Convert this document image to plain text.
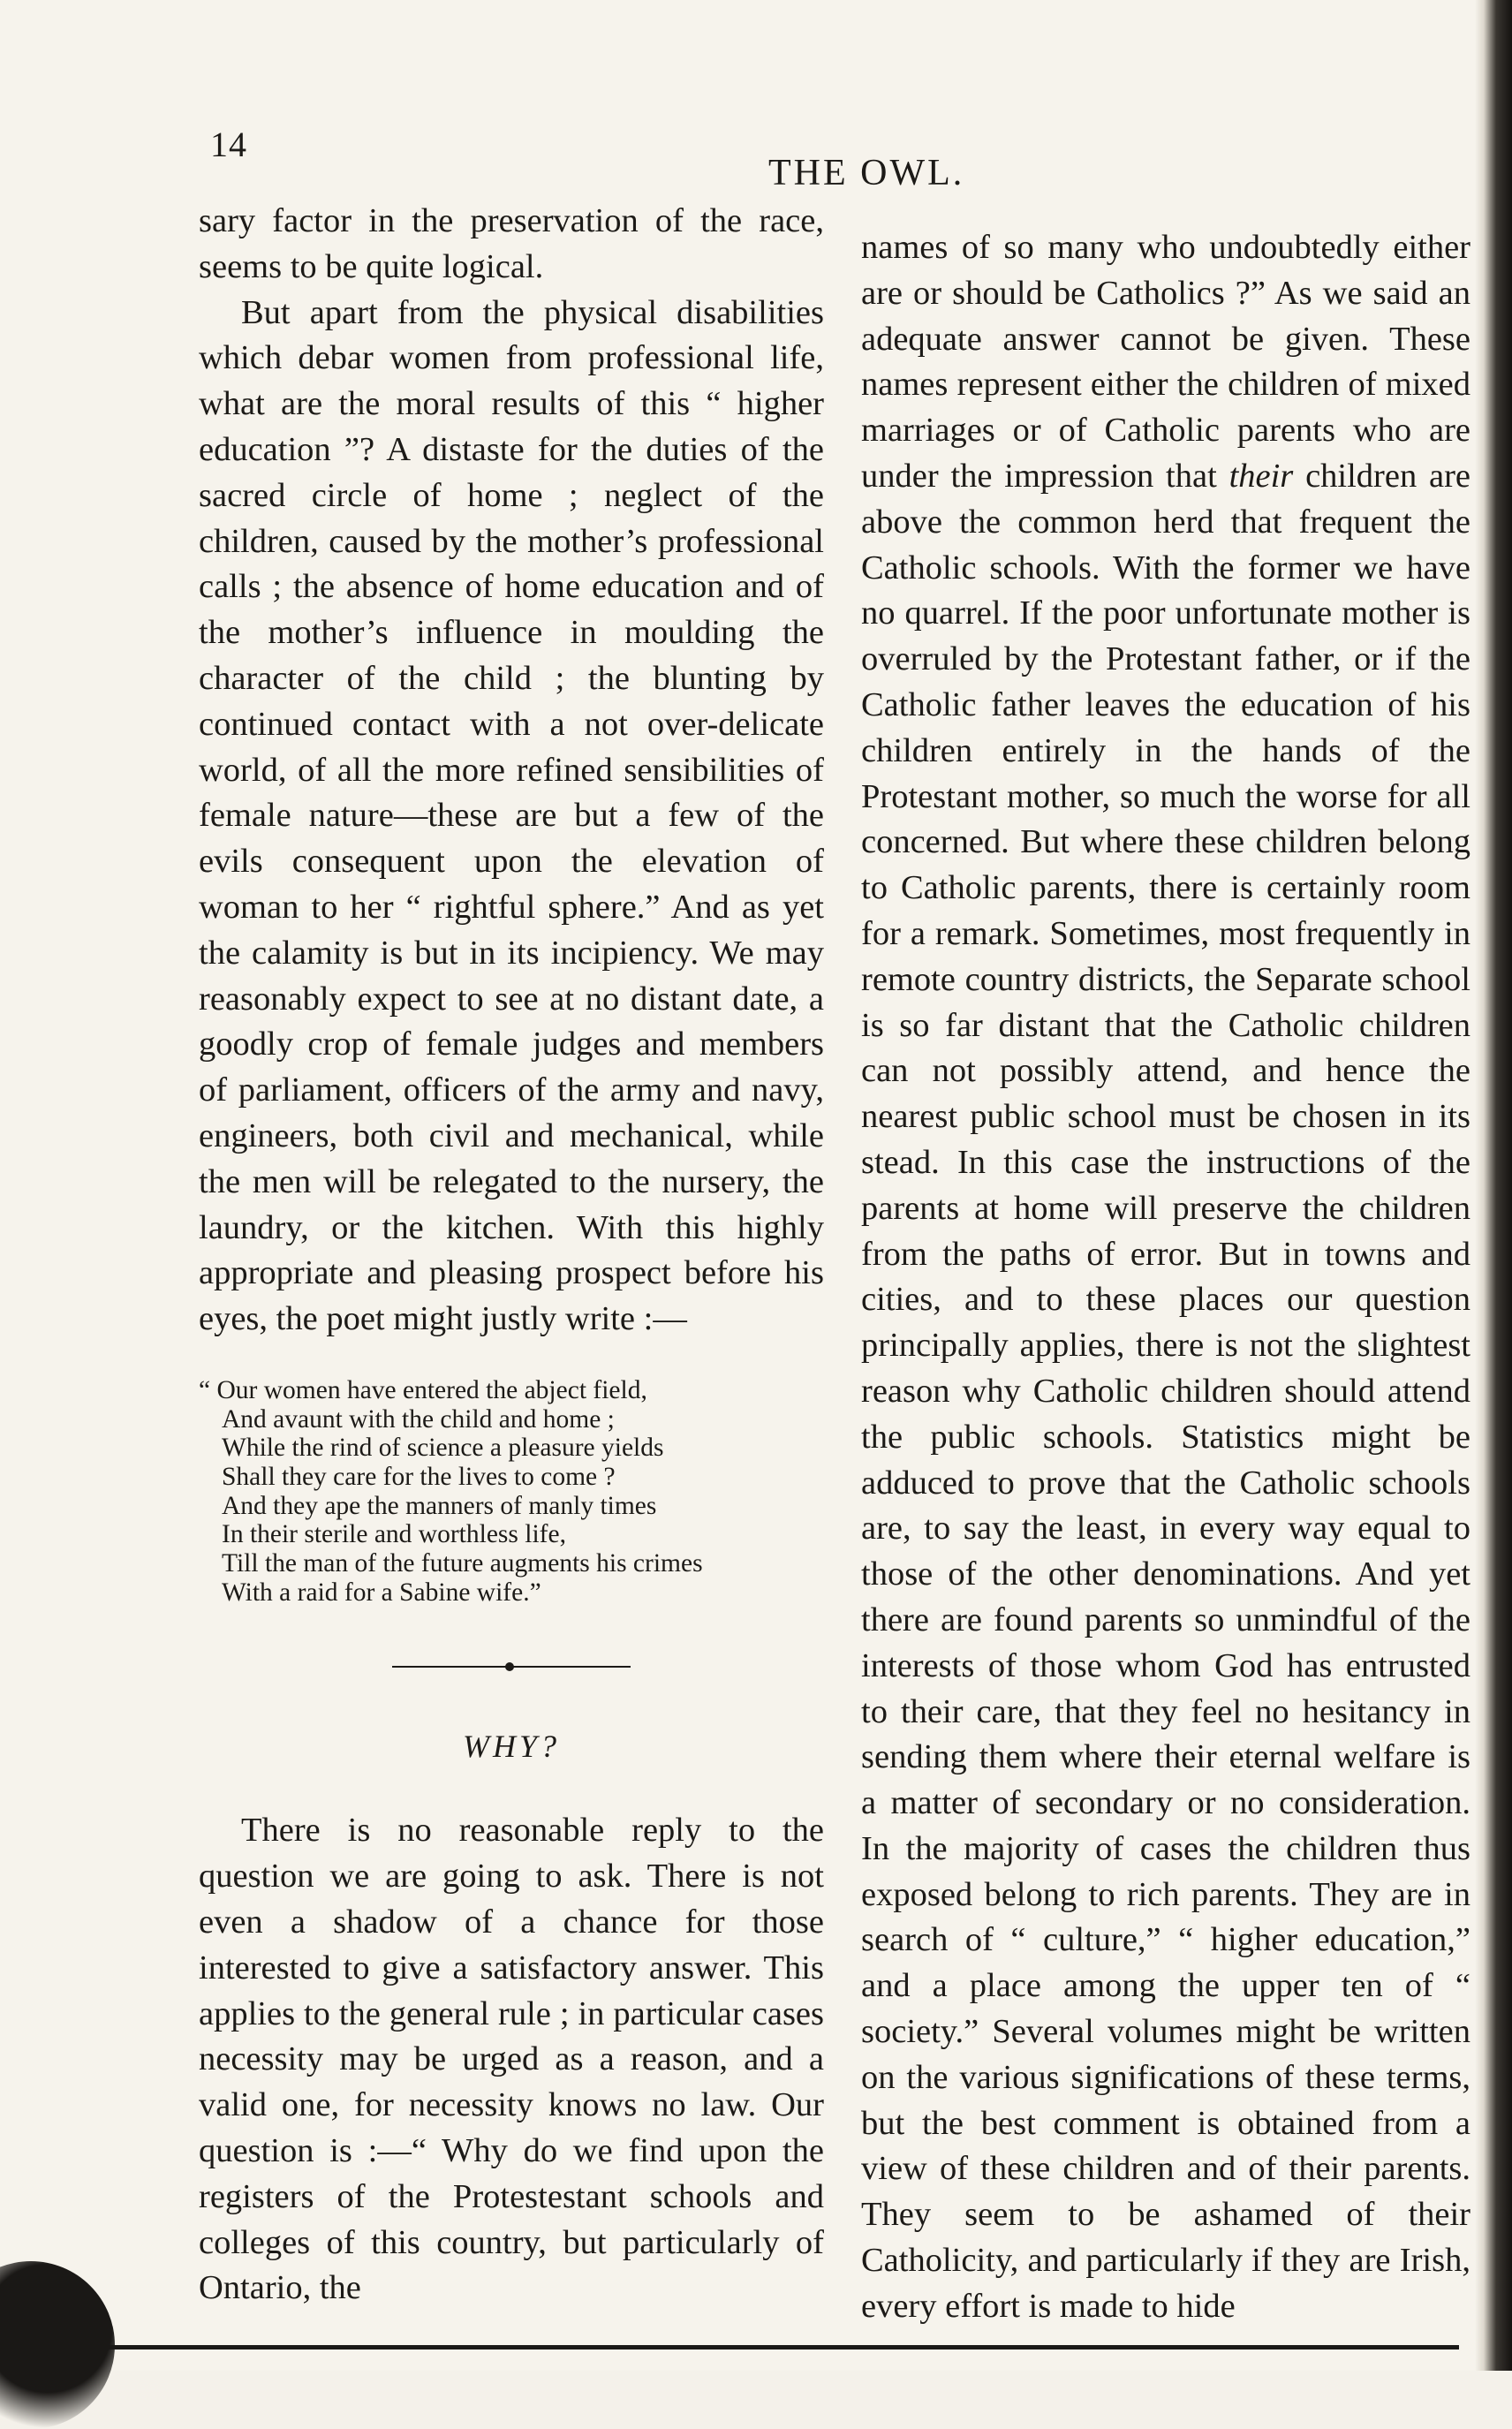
14
THE OWL.

sary factor in the preservation of the race, seems to be quite logical.

But apart from the physical disabilities which debar women from professional life, what are the moral results of this “ higher education ”? A distaste for the duties of the sacred circle of home ; neglect of the children, caused by the mother’s professional calls ; the absence of home education and of the mother’s influence in moulding the character of the child ; the blunting by continued contact with a not over-delicate world, of all the more refined sensibilities of female nature—these are but a few of the evils consequent upon the elevation of woman to her “ rightful sphere.” And as yet the calamity is but in its incipiency. We may reasonably expect to see at no distant date, a goodly crop of female judges and members of parliament, officers of the army and navy, engineers, both civil and mechanical, while the men will be relegated to the nursery, the laundry, or the kitchen. With this highly appropriate and pleasing prospect before his eyes, the poet might justly write :—

“ Our women have entered the abject field,
And avaunt with the child and home ;
While the rind of science a pleasure yields
Shall they care for the lives to come ?
And they ape the manners of manly times
In their sterile and worthless life,
Till the man of the future augments his crimes
With a raid for a Sabine wife.”
WHY?

There is no reasonable reply to the question we are going to ask. There is not even a shadow of a chance for those interested to give a satisfactory answer. This applies to the general rule ; in particular cases necessity may be urged as a reason, and a valid one, for necessity knows no law. Our question is :—“ Why do we find upon the registers of the Protestestant schools and colleges of this country, but particularly of Ontario, the

names of so many who undoubtedly either are or should be Catholics ?” As we said an adequate answer cannot be given. These names represent either the children of mixed marriages or of Catholic parents who are under the impression that their children are above the common herd that frequent the Catholic schools. With the former we have no quarrel. If the poor unfortunate mother is overruled by the Protestant father, or if the Catholic father leaves the education of his children entirely in the hands of the Protestant mother, so much the worse for all concerned. But where these children belong to Catholic parents, there is certainly room for a remark. Sometimes, most frequently in remote country districts, the Separate school is so far distant that the Catholic children can not possibly attend, and hence the nearest public school must be chosen in its stead. In this case the instructions of the parents at home will preserve the children from the paths of error. But in towns and cities, and to these places our question principally applies, there is not the slightest reason why Catholic children should attend the public schools. Statistics might be adduced to prove that the Catholic schools are, to say the least, in every way equal to those of the other denominations. And yet there are found parents so unmindful of the interests of those whom God has entrusted to their care, that they feel no hesitancy in sending them where their eternal welfare is a matter of secondary or no consideration. In the majority of cases the children thus exposed belong to rich parents. They are in search of “ culture,” “ higher education,” and a place among the upper ten of “ society.” Several volumes might be written on the various significations of these terms, but the best comment is obtained from a view of these children and of their parents. They seem to be ashamed of their Catholicity, and particularly if they are Irish, every effort is made to hide
